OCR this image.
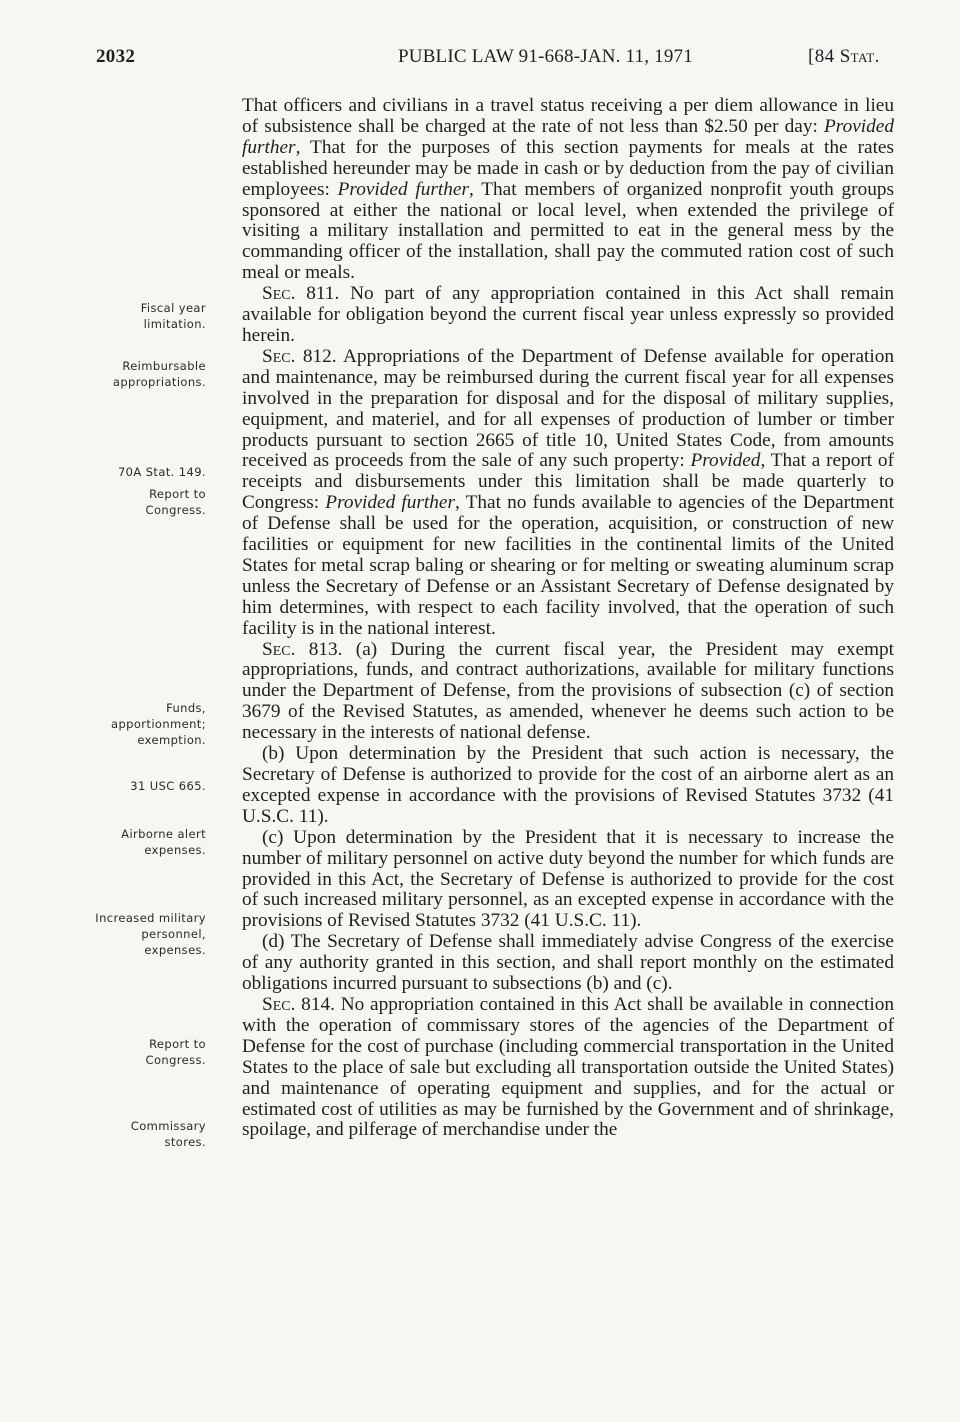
2032	PUBLIC LAW 91-668-JAN. 11, 1971	[84 Stat.
Fiscal year limitation.
Reimbursable appropriations.
70A Stat. 149.
Report to Congress.
Funds, apportionment; exemption.
31 USC 665.
Airborne alert expenses.
Increased military personnel, expenses.
Report to Congress.
Commissary stores.

That officers and civilians in a travel status receiving a per diem allowance in lieu of subsistence shall be charged at the rate of not less than $2.50 per day: Provided further, That for the purposes of this section payments for meals at the rates established hereunder may be made in cash or by deduction from the pay of civilian employees: Provided further, That members of organized nonprofit youth groups sponsored at either the national or local level, when extended the privilege of visiting a military installation and permitted to eat in the general mess by the commanding officer of the installation, shall pay the commuted ration cost of such meal or meals.

Sec. 811. No part of any appropriation contained in this Act shall remain available for obligation beyond the current fiscal year unless expressly so provided herein.

Sec. 812. Appropriations of the Department of Defense available for operation and maintenance, may be reimbursed during the current fiscal year for all expenses involved in the preparation for disposal and for the disposal of military supplies, equipment, and materiel, and for all expenses of production of lumber or timber products pursuant to section 2665 of title 10, United States Code, from amounts received as proceeds from the sale of any such property: Provided, That a report of receipts and disbursements under this limitation shall be made quarterly to Congress: Provided further, That no funds available to agencies of the Department of Defense shall be used for the operation, acquisition, or construction of new facilities or equipment for new facilities in the continental limits of the United States for metal scrap baling or shearing or for melting or sweating aluminum scrap unless the Secretary of Defense or an Assistant Secretary of Defense designated by him determines, with respect to each facility involved, that the operation of such facility is in the national interest.

Sec. 813. (a) During the current fiscal year, the President may exempt appropriations, funds, and contract authorizations, available for military functions under the Department of Defense, from the provisions of subsection (c) of section 3679 of the Revised Statutes, as amended, whenever he deems such action to be necessary in the interests of national defense.

(b) Upon determination by the President that such action is necessary, the Secretary of Defense is authorized to provide for the cost of an airborne alert as an excepted expense in accordance with the provisions of Revised Statutes 3732 (41 U.S.C. 11).

(c) Upon determination by the President that it is necessary to increase the number of military personnel on active duty beyond the number for which funds are provided in this Act, the Secretary of Defense is authorized to provide for the cost of such increased military personnel, as an excepted expense in accordance with the provisions of Revised Statutes 3732 (41 U.S.C. 11).

(d) The Secretary of Defense shall immediately advise Congress of the exercise of any authority granted in this section, and shall report monthly on the estimated obligations incurred pursuant to subsections (b) and (c).

Sec. 814. No appropriation contained in this Act shall be available in connection with the operation of commissary stores of the agencies of the Department of Defense for the cost of purchase (including commercial transportation in the United States to the place of sale but excluding all transportation outside the United States) and maintenance of operating equipment and supplies, and for the actual or estimated cost of utilities as may be furnished by the Government and of shrinkage, spoilage, and pilferage of merchandise under the
